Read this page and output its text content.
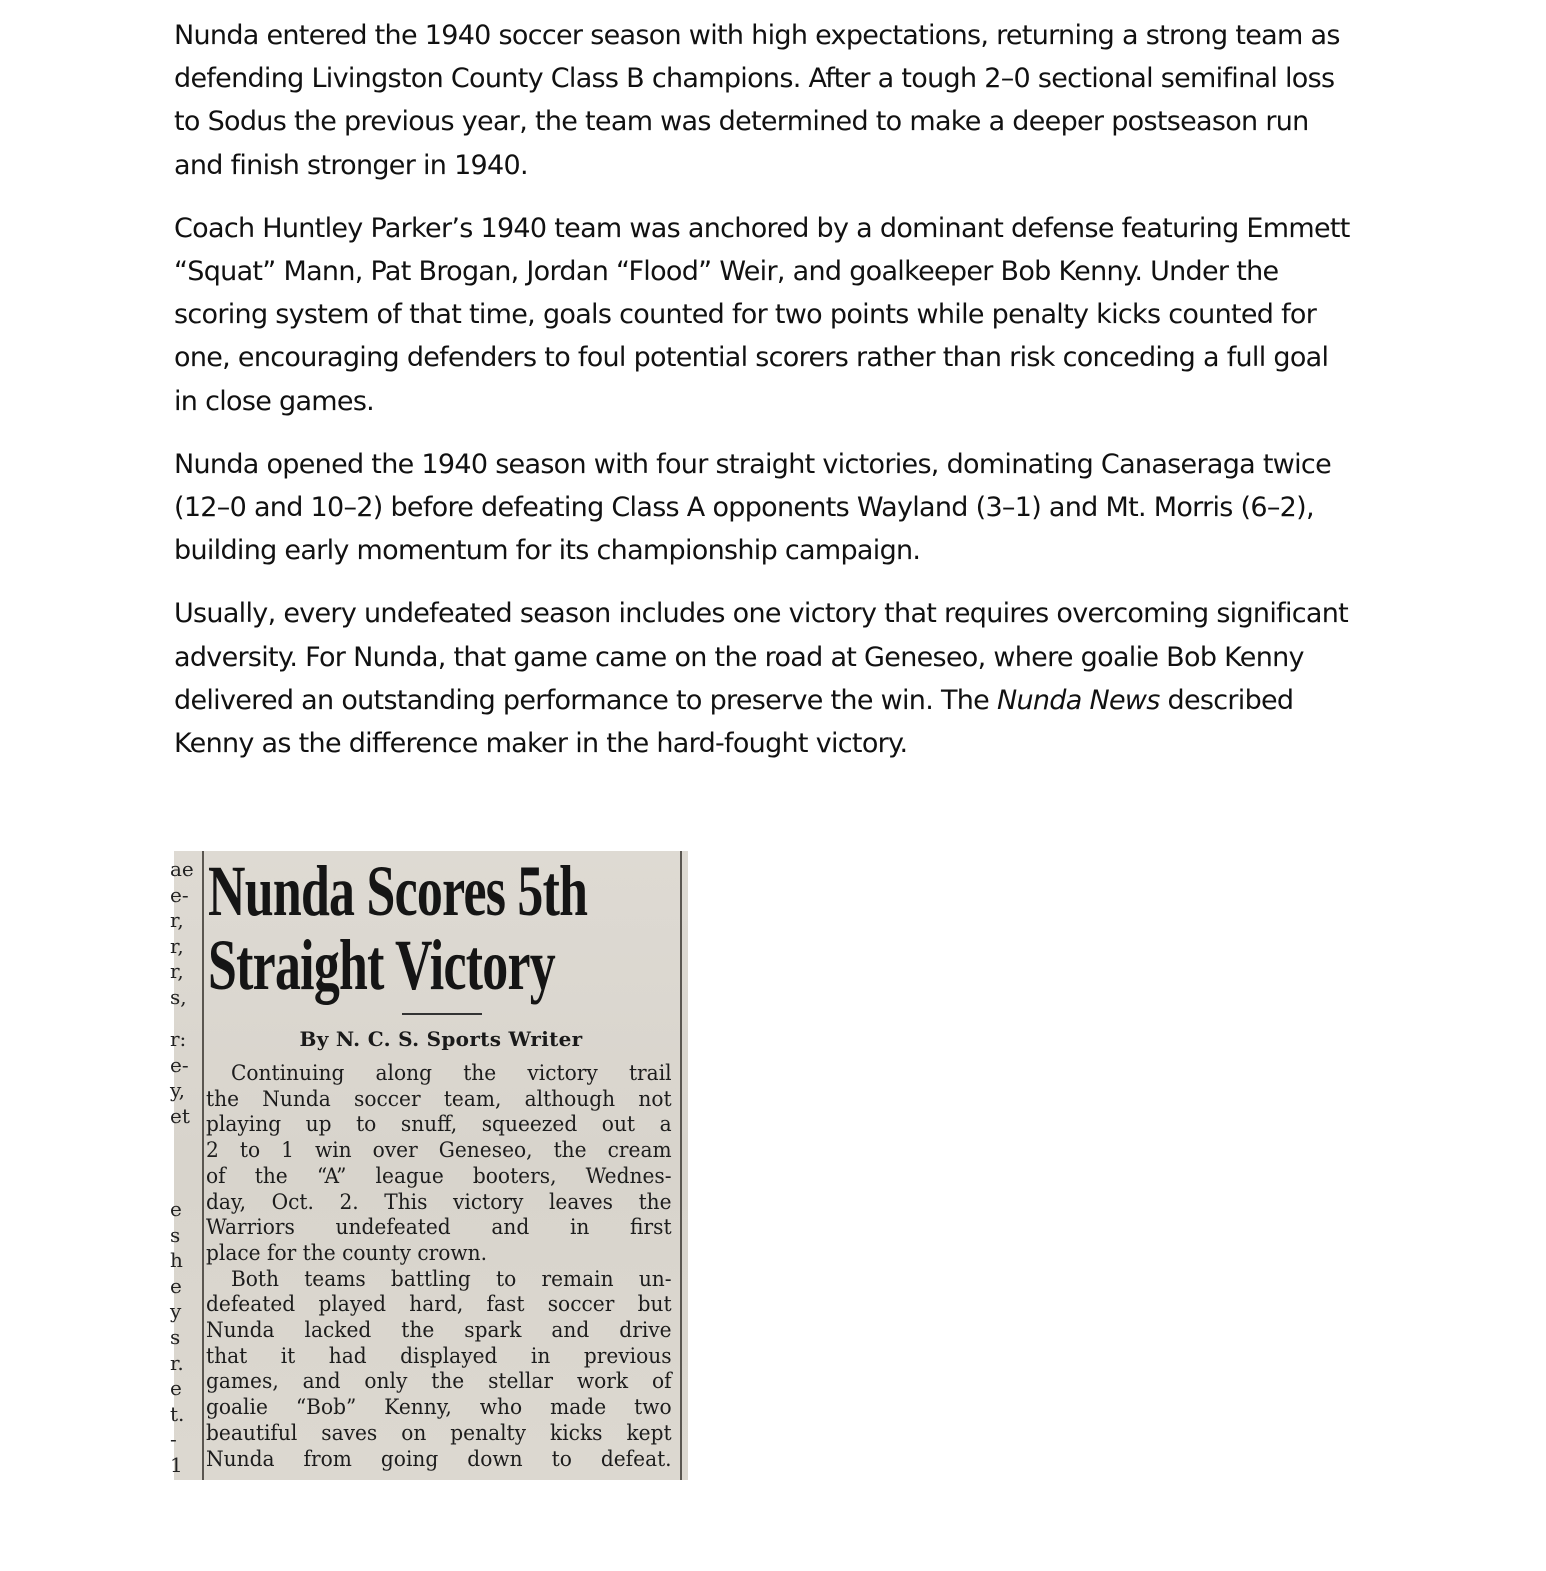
Nunda entered the 1940 soccer season with high expectations, returning a strong team as
defending Livingston County Class B champions. After a tough 2–0 sectional semifinal loss
to Sodus the previous year, the team was determined to make a deeper postseason run
and finish stronger in 1940.

Coach Huntley Parker’s 1940 team was anchored by a dominant defense featuring Emmett
“Squat” Mann, Pat Brogan, Jordan “Flood” Weir, and goalkeeper Bob Kenny. Under the
scoring system of that time, goals counted for two points while penalty kicks counted for
one, encouraging defenders to foul potential scorers rather than risk conceding a full goal
in close games.

Nunda opened the 1940 season with four straight victories, dominating Canaseraga twice
(12–0 and 10–2) before defeating Class A opponents Wayland (3–1) and Mt. Morris (6–2),
building early momentum for its championship campaign.

Usually, every undefeated season includes one victory that requires overcoming significant
adversity. For Nunda, that game came on the road at Geneseo, where goalie Bob Kenny
delivered an outstanding performance to preserve the win. The Nunda News described
Kenny as the difference maker in the hard-fought victory.

ae
e-
r,
r,
r,
s,
r:
e-
y,
et
e
s
h
e
y
s
r.
e
t.
-
1
Nunda Scores 5th
Straight Victory
By N. C. S. Sports Writer
Continuing along the victory trail
the Nunda soccer team, although not
playing up to snuff, squeezed out a
2 to 1 win over Geneseo, the cream
of the “A” league booters, Wednes-
day, Oct. 2. This victory leaves the
Warriors undefeated and in first
place for the county crown.
Both teams battling to remain un-
defeated played hard, fast soccer but
Nunda lacked the spark and drive
that it had displayed in previous
games, and only the stellar work of
goalie “Bob” Kenny, who made two
beautiful saves on penalty kicks kept
Nunda from going down to defeat.
